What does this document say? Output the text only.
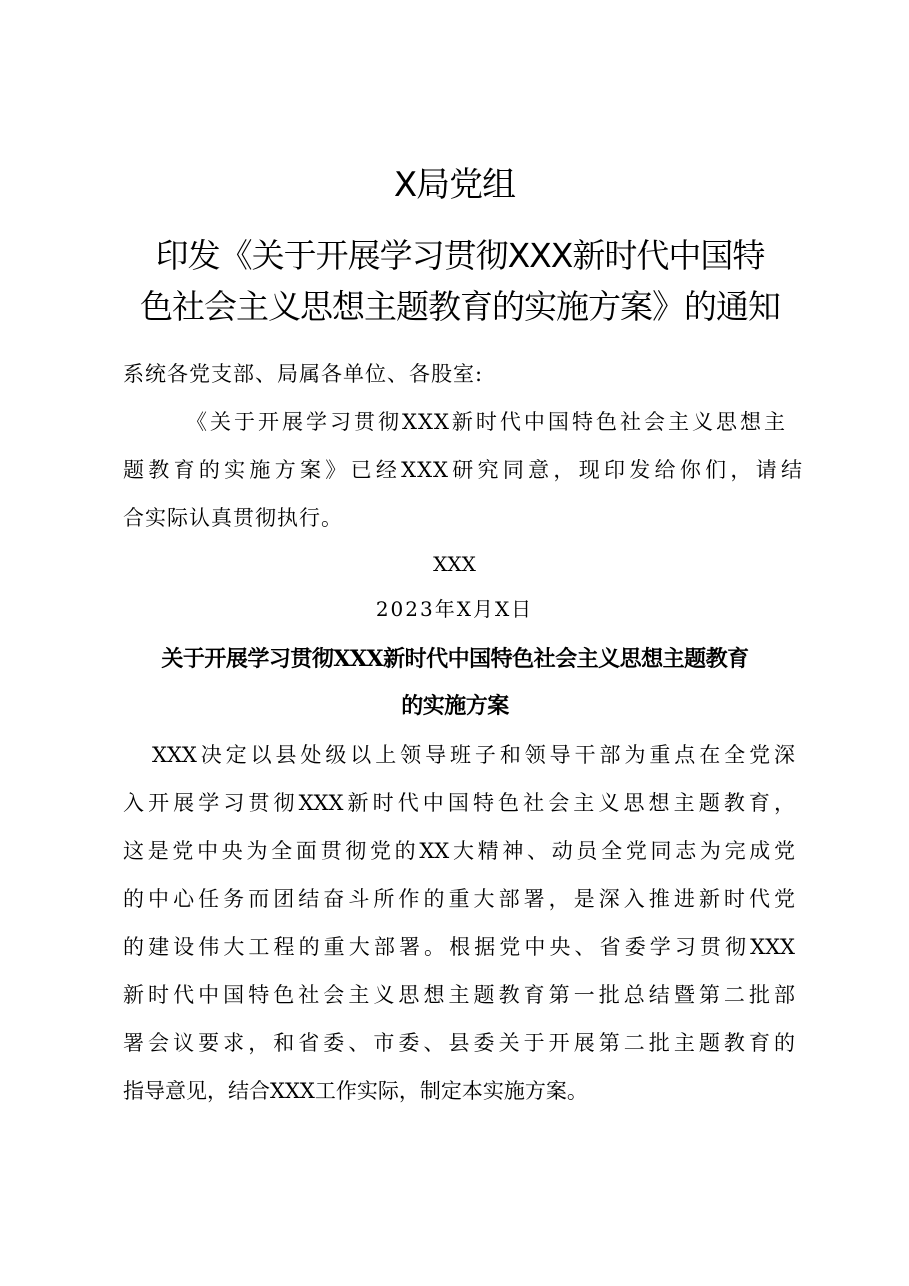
X局党组
印发《关于开展学习贯彻XXX新时代中国特
色社会主义思想主题教育的实施方案》的通知
系统各党支部、局属各单位、各股室:
《关于开展学习贯彻XXX新时代中国特色社会主义思想主
题教育的实施方案》已经XXX研究同意，现印发给你们，请结
合实际认真贯彻执行。
XXX
2023年X月X日
关于开展学习贯彻XXX新时代中国特色社会主义思想主题教育
的实施方案
XXX决定以县处级以上领导班子和领导干部为重点在全党深
入开展学习贯彻XXX新时代中国特色社会主义思想主题教育，
这是党中央为全面贯彻党的XX大精神、动员全党同志为完成党
的中心任务而团结奋斗所作的重大部署，是深入推进新时代党
的建设伟大工程的重大部署。根据党中央、省委学习贯彻XXX
新时代中国特色社会主义思想主题教育第一批总结暨第二批部
署会议要求，和省委、市委、县委关于开展第二批主题教育的
指导意见，结合XXX工作实际，制定本实施方案。
